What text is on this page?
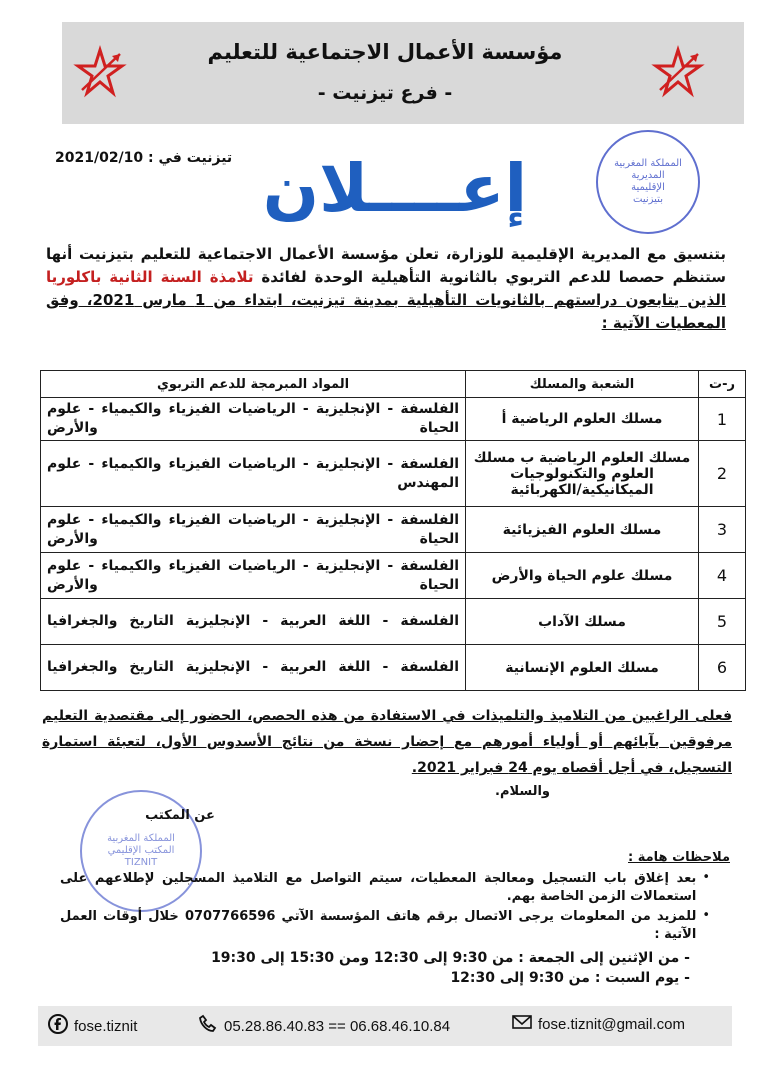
مؤسسة الأعمال الاجتماعية للتعليم
- فرع تيزنيت -
تيزنيت في : 2021/02/10 إعــــلان	المملكة المغربية
المديرية
الإقليمية
بتيزنيت
بتنسيق مع المديرية الإقليمية للوزارة، تعلن مؤسسة الأعمال الاجتماعية للتعليم بتيزنيت أنها ستنظم حصصا للدعم التربوي بالثانوية التأهيلية الوحدة لفائدة تلامذة السنة الثانية باكلوريا الذين يتابعون دراستهم بالثانويات التأهيلية بمدينة تيزنيت، ابتداء من 1 مارس 2021، وفق المعطيات الآتية :
ر-ت	الشعبة والمسلك	المواد المبرمجة للدعم التربوي
1	مسلك العلوم الرياضية أ	الفلسفة - الإنجليزية - الرياضيات الفيزياء والكيمياء - علوم الحياة والأرض
2	مسلك العلوم الرياضية ب مسلك العلوم والتكنولوجيات الميكانيكية/الكهربائية	الفلسفة - الإنجليزية - الرياضيات الفيزياء والكيمياء - علوم المهندس
3	مسلك العلوم الفيزيائية	الفلسفة - الإنجليزية - الرياضيات الفيزياء والكيمياء - علوم الحياة والأرض
4	مسلك علوم الحياة والأرض	الفلسفة - الإنجليزية - الرياضيات الفيزياء والكيمياء - علوم الحياة والأرض
5	مسلك الآداب	الفلسفة - اللغة العربية - الإنجليزية التاريخ والجغرافيا
6	مسلك العلوم الإنسانية	الفلسفة - اللغة العربية - الإنجليزية التاريخ والجغرافيا
فعلى الراغبين من التلاميذ والتلميذات في الاستفادة من هذه الحصص، الحضور إلى مقتصدية التعليم مرفوقين بآبائهم أو أولياء أمورهم مع إحضار نسخة من نتائج الأسدوس الأول، لتعبئة استمارة التسجيل، في أجل أقصاه يوم 24 فبراير 2021.
والسلام.
المملكة المغربية
المكتب الإقليمي
TIZNIT
عن المكتب
ملاحظات هامة :
•
بعد إغلاق باب التسجيل ومعالجة المعطيات، سيتم التواصل مع التلاميذ المسجلين لإطلاعهم على استعمالات الزمن الخاصة بهم.
•
للمزيد من المعلومات يرجى الاتصال برقم هاتف المؤسسة الآتي 0707766596 خلال أوقات العمل الآتية :
- من الإثنين إلى الجمعة : من 9:30 إلى 12:30 ومن 15:30 إلى 19:30
- يوم السبت : من 9:30 إلى 12:30
fose.tiznit	05.28.86.40.83 == 06.68.46.10.84	fose.tiznit@gmail.com
